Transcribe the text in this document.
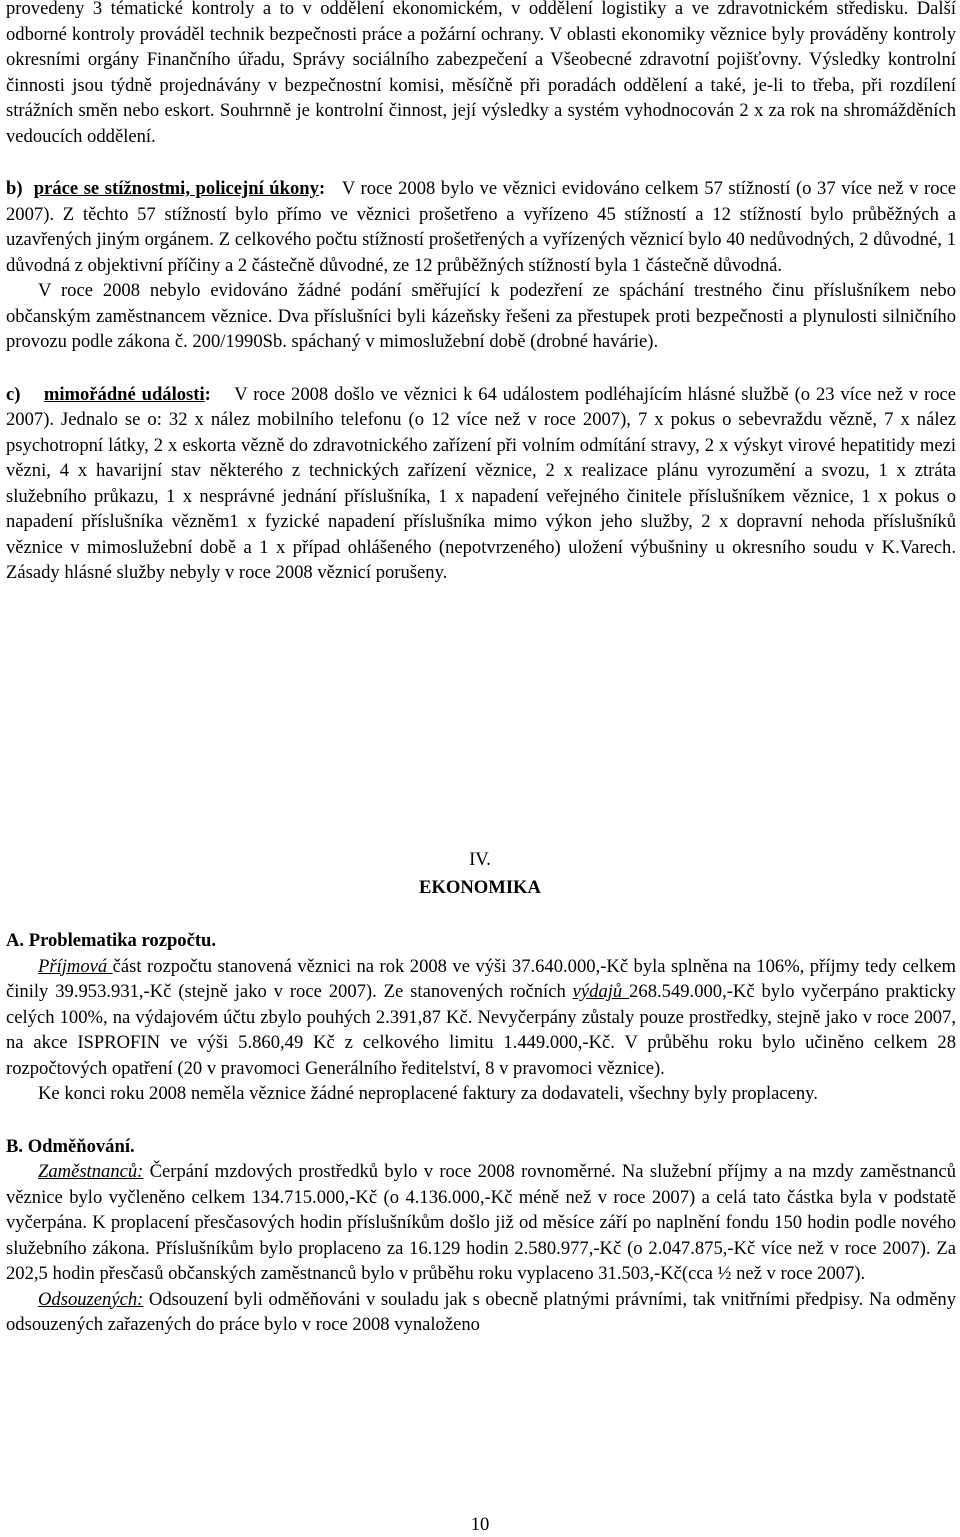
provedeny 3 tématické kontroly a to v oddělení ekonomickém, v oddělení logistiky a ve zdravotnickém středisku. Další odborné kontroly prováděl technik bezpečnosti práce a požární ochrany. V oblasti ekonomiky věznice byly prováděny kontroly okresními orgány Finančního úřadu, Správy sociálního zabezpečení a Všeobecné zdravotní pojišťovny. Výsledky kontrolní činnosti jsou týdně projednávány v bezpečnostní komisi, měsíčně při poradách oddělení a také, je-li to třeba, při rozdílení strážních směn nebo eskort. Souhrnně je kontrolní činnost, její výsledky a systém vyhodnocován 2 x za rok na shromážděních vedoucích oddělení.

b) práce se stížnostmi, policejní úkony: V roce 2008 bylo ve věznici evidováno celkem 57 stížností (o 37 více než v roce 2007). Z těchto 57 stížností bylo přímo ve věznici prošetřeno a vyřízeno 45 stížností a 12 stížností bylo průběžných a uzavřených jiným orgánem. Z celkového počtu stížností prošetřených a vyřízených věznicí bylo 40 nedůvodných, 2 důvodné, 1 důvodná z objektivní příčiny a 2 částečně důvodné, ze 12 průběžných stížností byla 1 částečně důvodná.

V roce 2008 nebylo evidováno žádné podání směřující k podezření ze spáchání trestného činu příslušníkem nebo občanským zaměstnancem věznice. Dva příslušníci byli kázeňsky řešeni za přestupek proti bezpečnosti a plynulosti silničního provozu podle zákona č. 200/1990Sb. spáchaný v mimoslužební době (drobné havárie).

c) mimořádné události: V roce 2008 došlo ve věznici k 64 událostem podléhajícím hlásné službě (o 23 více než v roce 2007). Jednalo se o: 32 x nález mobilního telefonu (o 12 více než v roce 2007), 7 x pokus o sebevraždu vězně, 7 x nález psychotropní látky, 2 x eskorta vězně do zdravotnického zařízení při volním odmítání stravy, 2 x výskyt virové hepatitidy mezi vězni, 4 x havarijní stav některého z technických zařízení věznice, 2 x realizace plánu vyrozumění a svozu, 1 x ztráta služebního průkazu, 1 x nesprávné jednání příslušníka, 1 x napadení veřejného činitele příslušníkem věznice, 1 x pokus o napadení příslušníka vězněm1 x fyzické napadení příslušníka mimo výkon jeho služby, 2 x dopravní nehoda příslušníků věznice v mimoslužební době a 1 x případ ohlášeného (nepotvrzeného) uložení výbušniny u okresního soudu v K.Varech. Zásady hlásné služby nebyly v roce 2008 věznicí porušeny.

IV.
EKONOMIKA

A. Problematika rozpočtu.

Příjmová část rozpočtu stanovená věznici na rok 2008 ve výši 37.640.000,-Kč byla splněna na 106%, příjmy tedy celkem činily 39.953.931,-Kč (stejně jako v roce 2007). Ze stanovených ročních výdajů 268.549.000,-Kč bylo vyčerpáno prakticky celých 100%, na výdajovém účtu zbylo pouhých 2.391,87 Kč. Nevyčerpány zůstaly pouze prostředky, stejně jako v roce 2007, na akce ISPROFIN ve výši 5.860,49 Kč z celkového limitu 1.449.000,-Kč. V průběhu roku bylo učiněno celkem 28 rozpočtových opatření (20 v pravomoci Generálního ředitelství, 8 v pravomoci věznice).

Ke konci roku 2008 neměla věznice žádné neproplacené faktury za dodavateli, všechny byly proplaceny.

B. Odměňování.

Zaměstnanců: Čerpání mzdových prostředků bylo v roce 2008 rovnoměrné. Na služební příjmy a na mzdy zaměstnanců věznice bylo vyčleněno celkem 134.715.000,-Kč (o 4.136.000,-Kč méně než v roce 2007) a celá tato částka byla v podstatě vyčerpána. K proplacení přesčasových hodin příslušníkům došlo již od měsíce září po naplnění fondu 150 hodin podle nového služebního zákona. Příslušníkům bylo proplaceno za 16.129 hodin 2.580.977,-Kč (o 2.047.875,-Kč více než v roce 2007). Za 202,5 hodin přesčasů občanských zaměstnanců bylo v průběhu roku vyplaceno 31.503,-Kč(cca ½ než v roce 2007).

Odsouzených: Odsouzení byli odměňováni v souladu jak s obecně platnými právními, tak vnitřními předpisy. Na odměny odsouzených zařazených do práce bylo v roce 2008 vynaloženo

10
